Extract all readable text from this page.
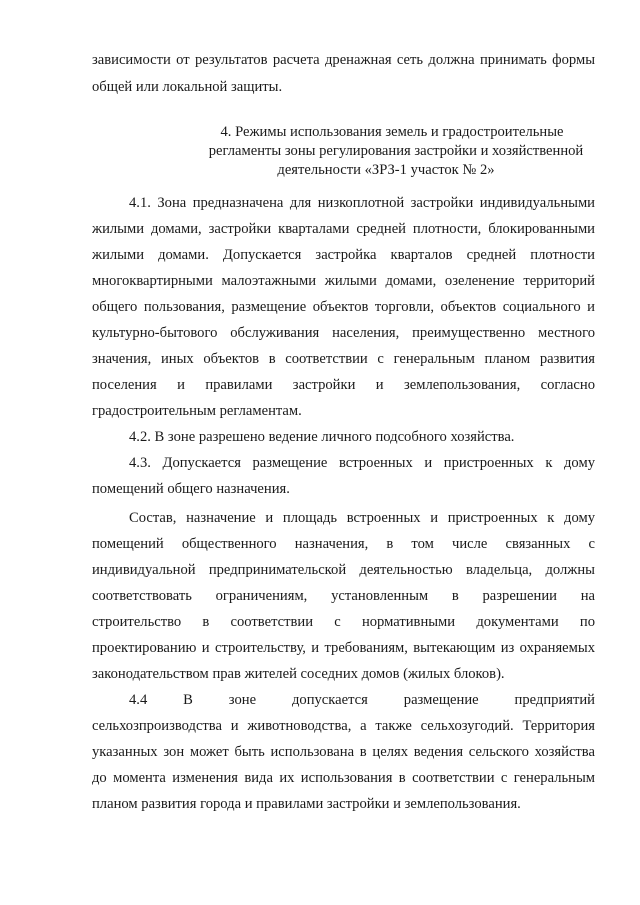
зависимости от результатов расчета дренажная сеть должна принимать формы
общей или локальной защиты.
4. Режимы использования земель и градостроительные
регламенты зоны регулирования застройки и хозяйственной
деятельности «ЗРЗ-1 участок № 2»
4.1. Зона предназначена для низкоплотной застройки индивидуальными
жилыми домами, застройки кварталами средней плотности, блокированными
жилыми домами. Допускается застройка кварталов средней плотности
многоквартирными малоэтажными жилыми домами, озеленение территорий
общего пользования, размещение объектов торговли, объектов социального и
культурно-бытового обслуживания населения, преимущественно местного
значения, иных объектов в соответствии с генеральным планом развития
поселения и правилами застройки и землепользования, согласно
градостроительным регламентам.
4.2. В зоне разрешено ведение личного подсобного хозяйства.
4.3. Допускается размещение встроенных и пристроенных к дому
помещений общего назначения.
Состав, назначение и площадь встроенных и пристроенных к дому
помещений общественного назначения, в том числе связанных с
индивидуальной предпринимательской деятельностью владельца, должны
соответствовать ограничениям, установленным в разрешении на
строительство в соответствии с нормативными документами по
проектированию и строительству, и требованиям, вытекающим из охраняемых
законодательством прав жителей соседних домов (жилых блоков).
4.4 В зоне допускается размещение предприятий
сельхозпроизводства и животноводства, а также сельхозугодий. Территория
указанных зон может быть использована в целях ведения сельского хозяйства
до момента изменения вида их использования в соответствии с генеральным
планом развития города и правилами застройки и землепользования.
